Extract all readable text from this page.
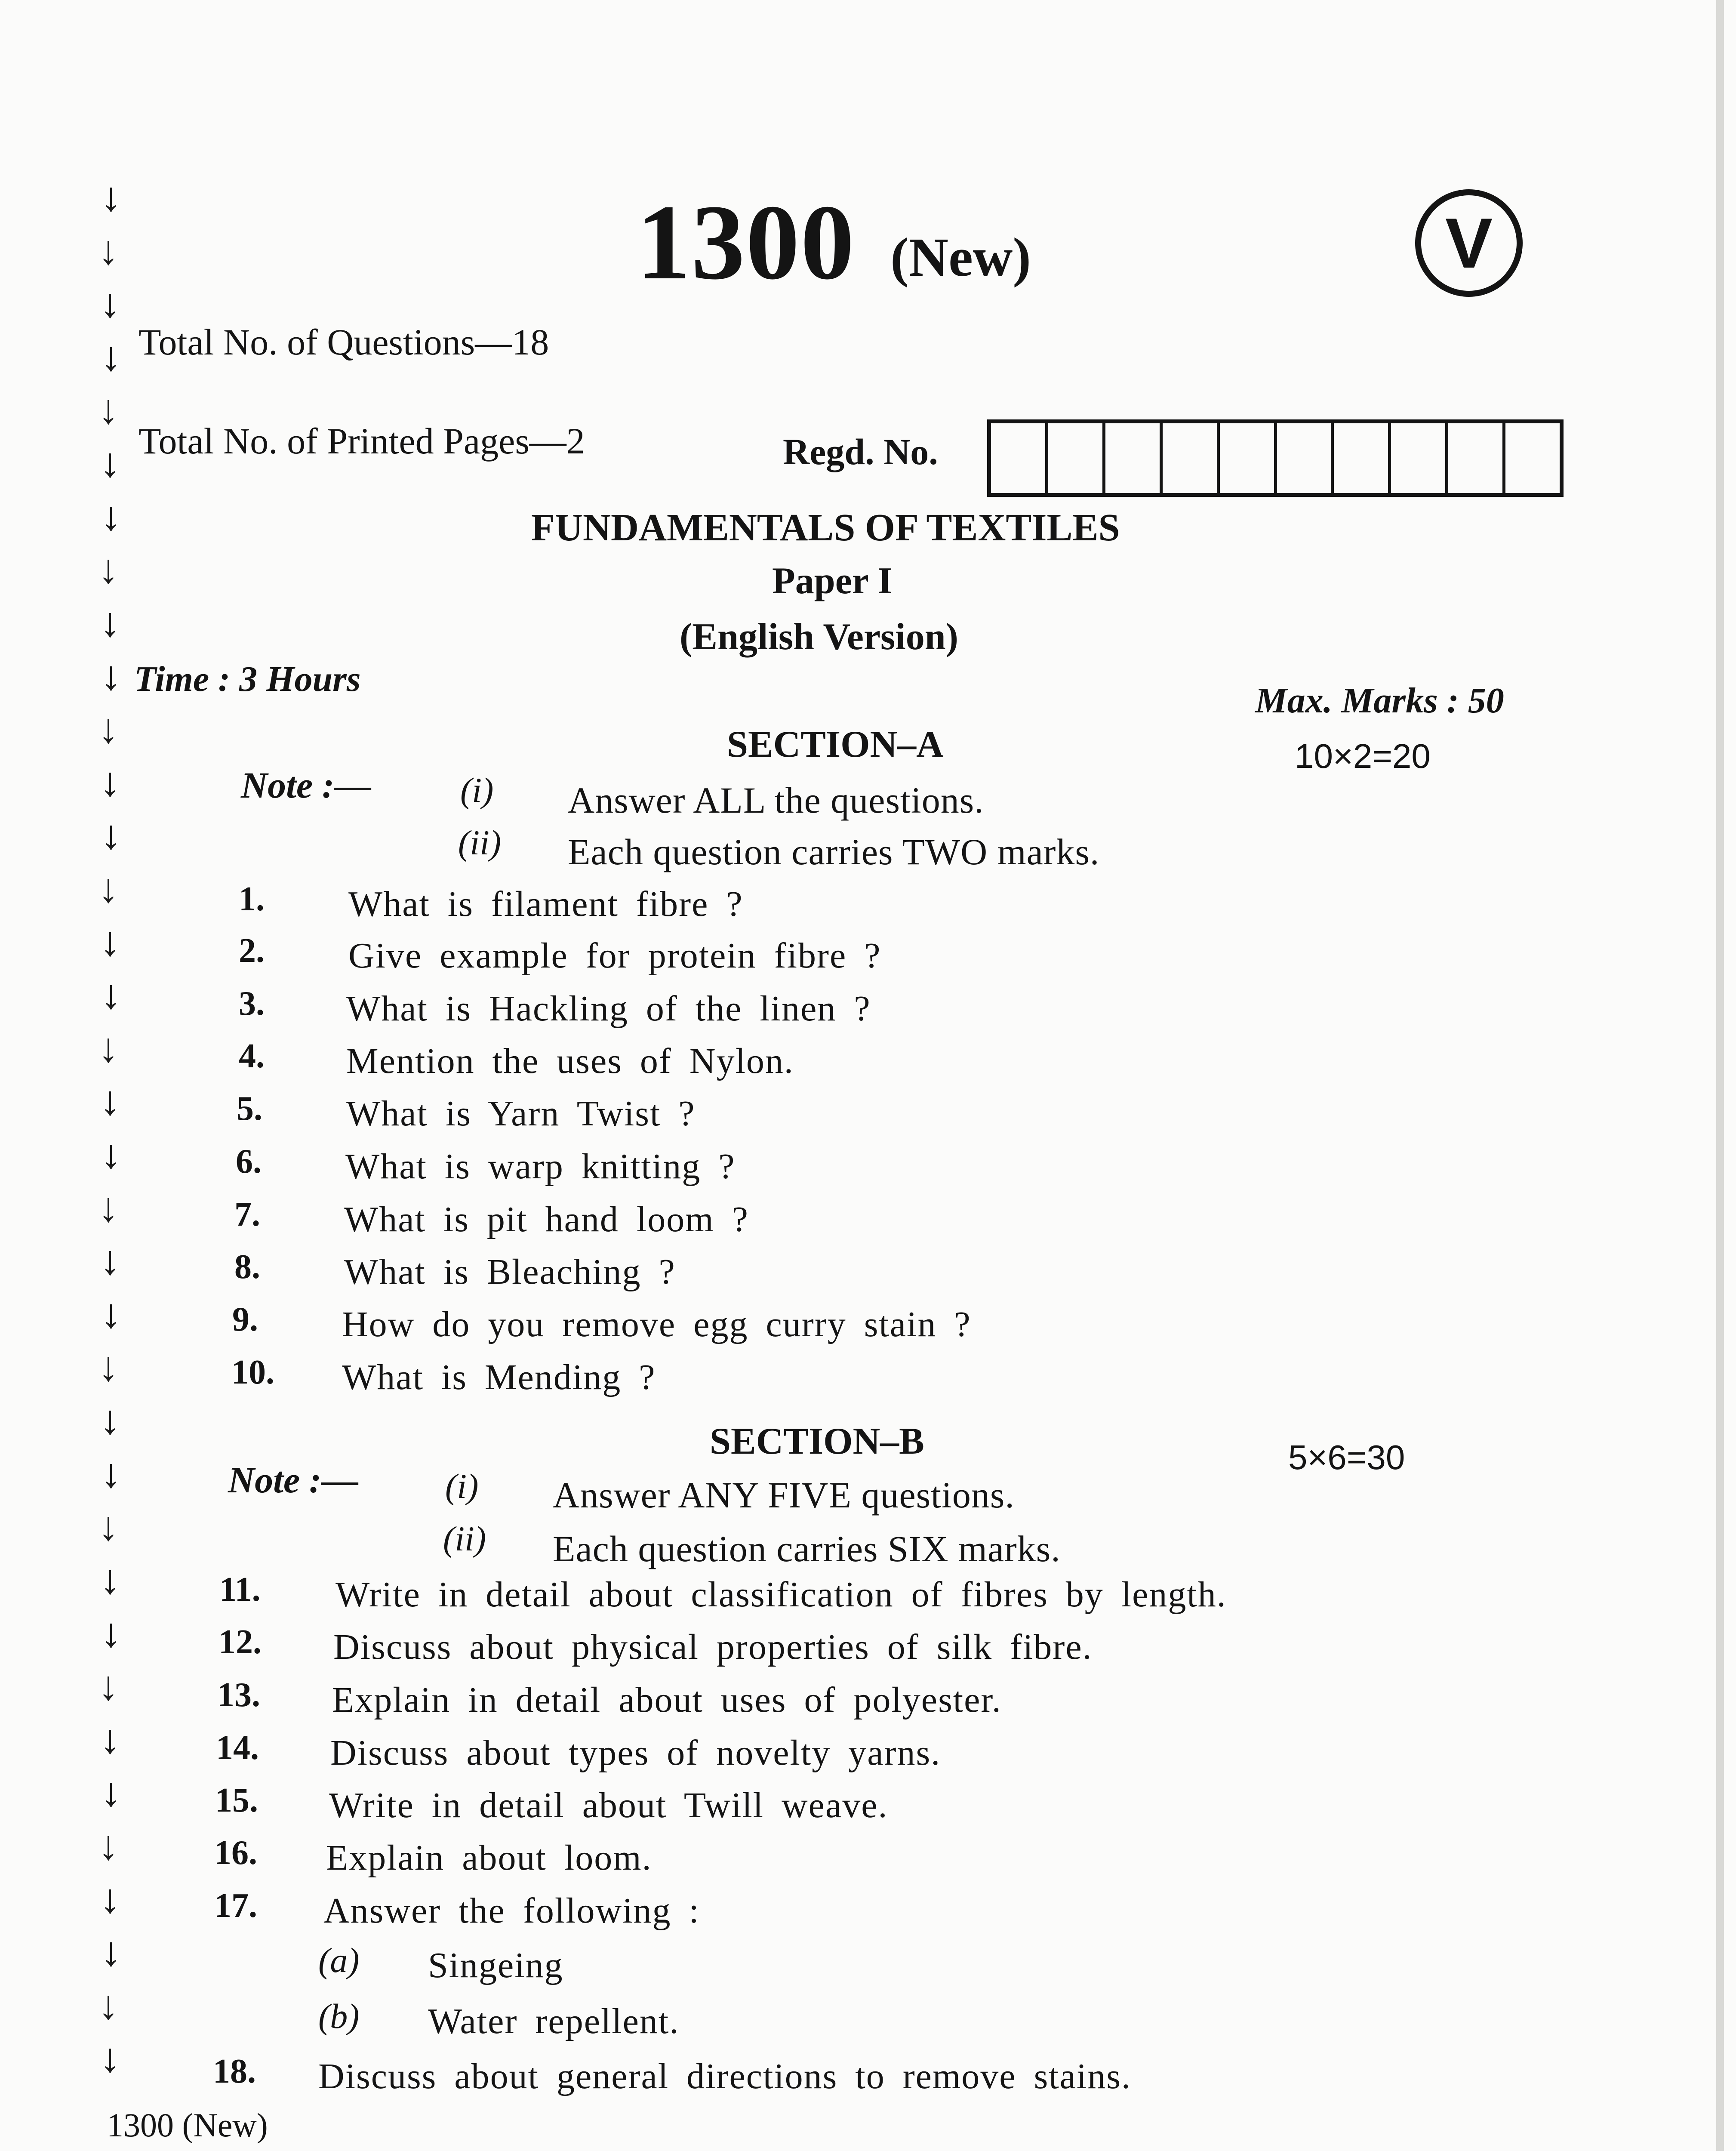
↓
↓
↓
↓
↓
↓
↓
↓
↓
↓
↓
↓
↓
↓
↓
↓
↓
↓
↓
↓
↓
↓
↓
↓
↓
↓
↓
↓
↓
↓
↓
↓
↓
↓
↓
↓
1300 (New)	V
Total No. of Questions—18
Total No. of Printed Pages—2	Regd. No.
FUNDAMENTALS OF TEXTILES
Paper I
(English Version)
Time : 3 Hours
Max. Marks : 50
SECTION–A	10×2=20
Note :—	(i) Answer ALL the questions.
(ii) Each question carries TWO marks.
1. What is filament fibre ?
2. Give example for protein fibre ?
3. What is Hackling of the linen ?
4. Mention the uses of Nylon.
5. What is Yarn Twist ?
6. What is warp knitting ?
7. What is pit hand loom ?
8. What is Bleaching ?
9. How do you remove egg curry stain ?
10. What is Mending ?
SECTION–B	5×6=30
Note :— (i) Answer ANY FIVE questions.
(ii) Each question carries SIX marks.
11. Write in detail about classification of fibres by length.
12. Discuss about physical properties of silk fibre.
13. Explain in detail about uses of polyester.
14. Discuss about types of novelty yarns.
15. Write in detail about Twill weave.
16. Explain about loom.
17. Answer the following :
18. Discuss about general directions to remove stains.
(a) Singeing
(b) Water repellent.
1300 (New)
